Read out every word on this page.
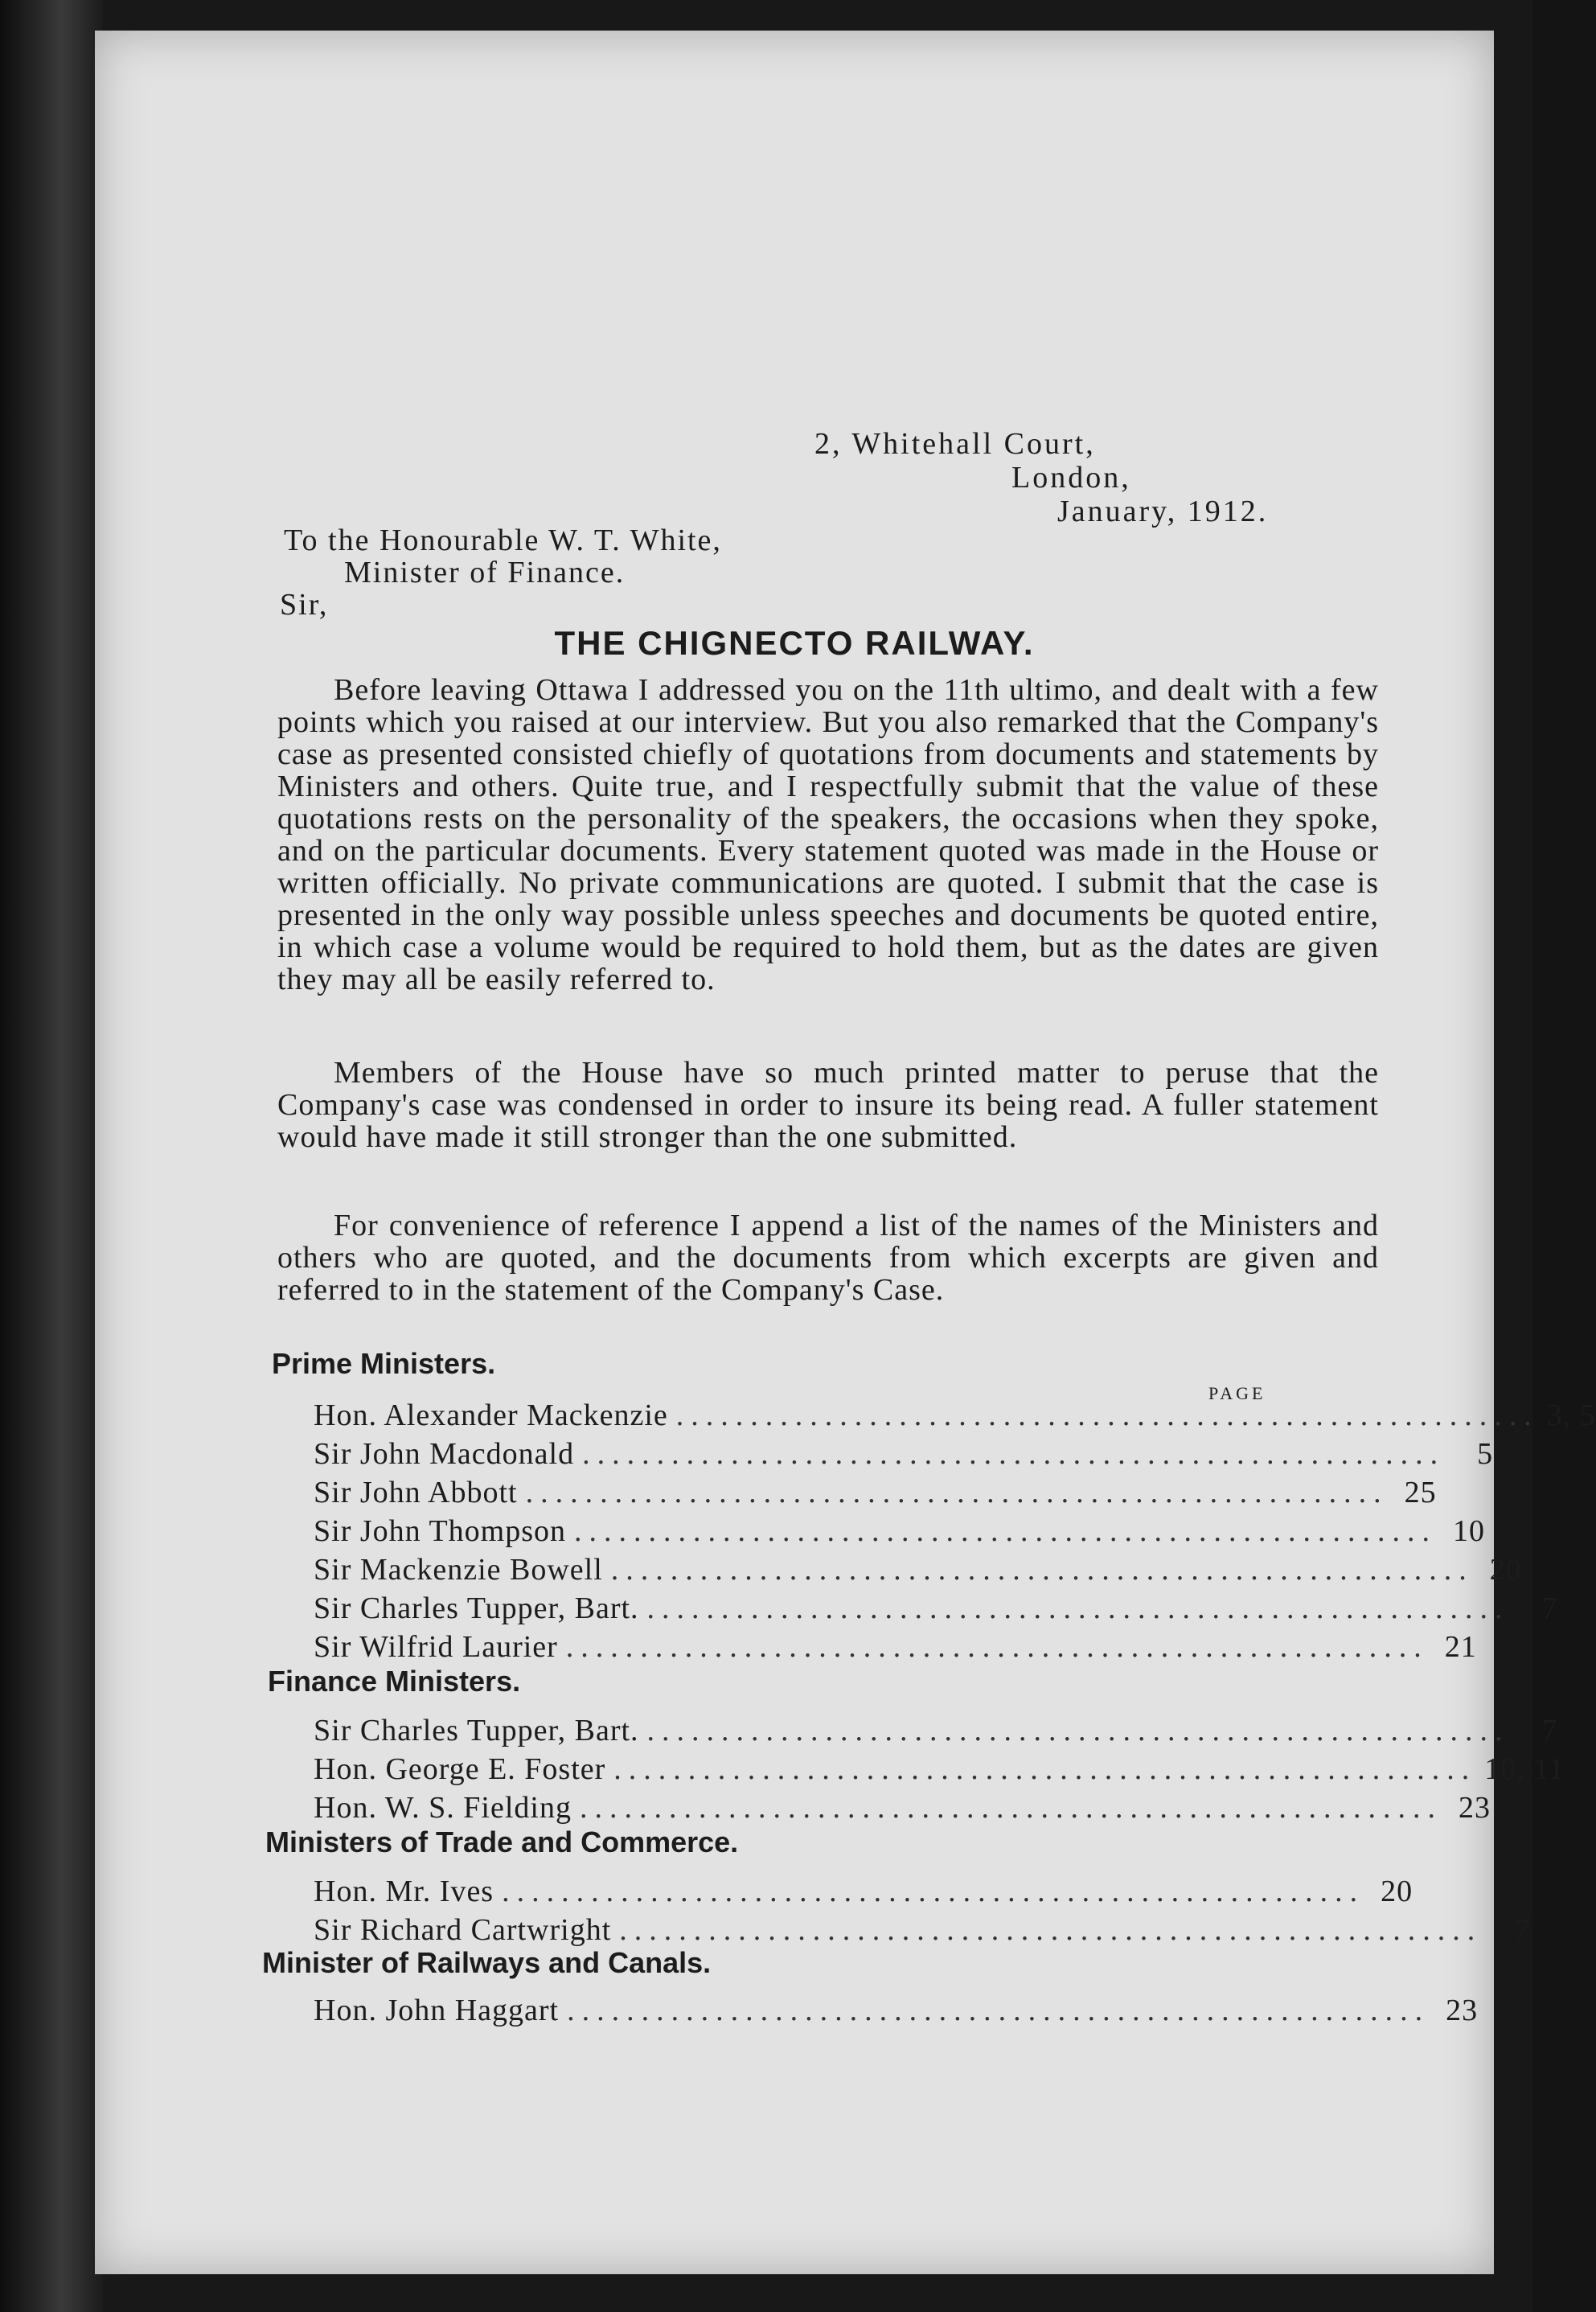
2, Whitehall Court,
London,
January, 1912.
To the Honourable W. T. White,
Minister of Finance.
Sir,
THE CHIGNECTO RAILWAY.

Before leaving Ottawa I addressed you on the 11th ultimo, and dealt with a few points which you raised at our interview. But you also remarked that the Company's case as presented consisted chiefly of quotations from documents and statements by Ministers and others. Quite true, and I respectfully submit that the value of these quotations rests on the personality of the speakers, the occasions when they spoke, and on the particular documents. Every statement quoted was made in the House or written officially. No private communications are quoted. I submit that the case is presented in the only way possible unless speeches and documents be quoted entire, in which case a volume would be required to hold them, but as the dates are given they may all be easily referred to.

Members of the House have so much printed matter to peruse that the Company's case was condensed in order to insure its being read. A fuller statement would have made it still stronger than the one submitted.

For convenience of reference I append a list of the names of the Ministers and others who are quoted, and the documents from which excerpts are given and referred to in the statement of the Company's Case.

Prime Ministers.
PAGE
Hon. Alexander Mackenzie .......................................................... 3, 5
Sir John Macdonald ..........................................................	5
Sir John Abbott .......................................................... 25
Sir John Thompson .......................................................... 10
Sir Mackenzie Bowell .......................................................... 20
Sir Charles Tupper, Bart. ..........................................................	7
Sir Wilfrid Laurier .......................................................... 21
Finance Ministers.
Sir Charles Tupper, Bart. ..........................................................	7
Hon. George E. Foster .......................................................... 10, 11
Hon. W. S. Fielding .......................................................... 23
Ministers of Trade and Commerce.
Hon. Mr. Ives .......................................................... 20
Sir Richard Cartwright ..........................................................	7
Minister of Railways and Canals.
Hon. John Haggart .......................................................... 23
